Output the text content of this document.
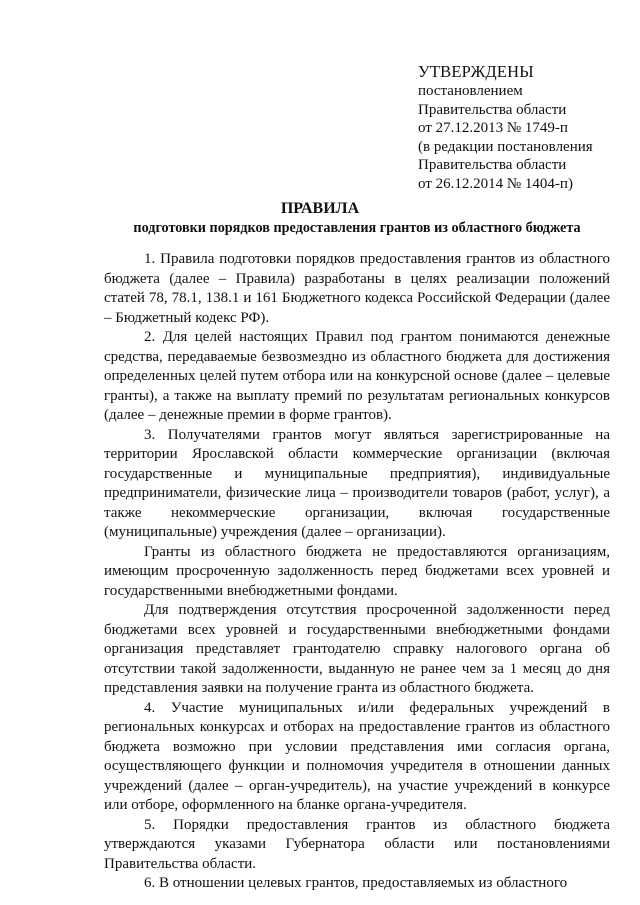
УТВЕРЖДЕНЫ
постановлением
Правительства области
от 27.12.2013 № 1749-п
(в редакции постановления
Правительства области
от 26.12.2014 № 1404-п)
ПРАВИЛА
подготовки порядков предоставления грантов из областного бюджета

1. Правила подготовки порядков предоставления грантов из областного бюджета (далее – Правила) разработаны в целях реализации положений статей 78, 78.1, 138.1 и 161 Бюджетного кодекса Российской Федерации (далее – Бюджетный кодекс РФ).

2. Для целей настоящих Правил под грантом понимаются денежные средства, передаваемые безвозмездно из областного бюджета для достижения определенных целей путем отбора или на конкурсной основе (далее – целевые гранты), а также на выплату премий по результатам региональных конкурсов (далее – денежные премии в форме грантов).

3. Получателями грантов могут являться зарегистрированные на территории Ярославской области коммерческие организации (включая государственные и муниципальные предприятия), индивидуальные предприниматели, физические лица – производители товаров (работ, услуг), а также некоммерческие организации, включая государственные (муниципальные) учреждения (далее – организации).

Гранты из областного бюджета не предоставляются организациям, имеющим просроченную задолженность перед бюджетами всех уровней и государственными внебюджетными фондами.

Для подтверждения отсутствия просроченной задолженности перед бюджетами всех уровней и государственными внебюджетными фондами организация представляет грантодателю справку налогового органа об отсутствии такой задолженности, выданную не ранее чем за 1 месяц до дня представления заявки на получение гранта из областного бюджета.

4. Участие муниципальных и/или федеральных учреждений в региональных конкурсах и отборах на предоставление грантов из областного бюджета возможно при условии представления ими согласия органа, осуществляющего функции и полномочия учредителя в отношении данных учреждений (далее – орган-учредитель), на участие учреждений в конкурсе или отборе, оформленного на бланке органа-учредителя.

5. Порядки предоставления грантов из областного бюджета утверждаются указами Губернатора области или постановлениями Правительства области.

6. В отношении целевых грантов, предоставляемых из областного
